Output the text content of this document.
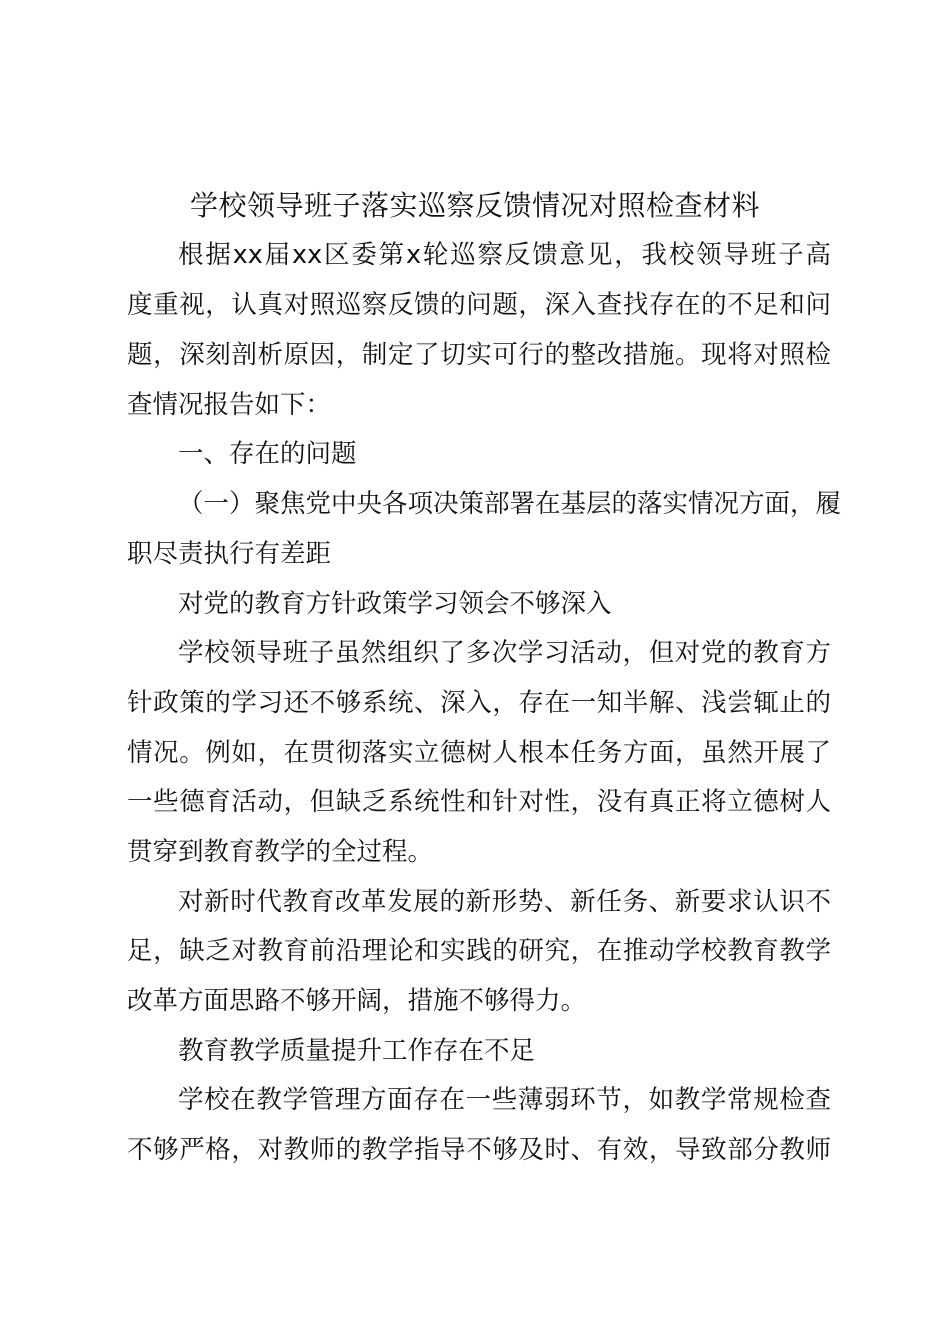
学校领导班子落实巡察反馈情况对照检查材料
根据xx届xx区委第x轮巡察反馈意见，我校领导班子高
度重视，认真对照巡察反馈的问题，深入查找存在的不足和问
题，深刻剖析原因，制定了切实可行的整改措施。现将对照检
查情况报告如下：
一、存在的问题
（一）聚焦党中央各项决策部署在基层的落实情况方面，履
职尽责执行有差距
对党的教育方针政策学习领会不够深入
学校领导班子虽然组织了多次学习活动，但对党的教育方
针政策的学习还不够系统、深入，存在一知半解、浅尝辄止的
情况。例如，在贯彻落实立德树人根本任务方面，虽然开展了
一些德育活动，但缺乏系统性和针对性，没有真正将立德树人
贯穿到教育教学的全过程。
对新时代教育改革发展的新形势、新任务、新要求认识不
足，缺乏对教育前沿理论和实践的研究，在推动学校教育教学
改革方面思路不够开阔，措施不够得力。
教育教学质量提升工作存在不足
学校在教学管理方面存在一些薄弱环节，如教学常规检查
不够严格，对教师的教学指导不够及时、有效，导致部分教师
